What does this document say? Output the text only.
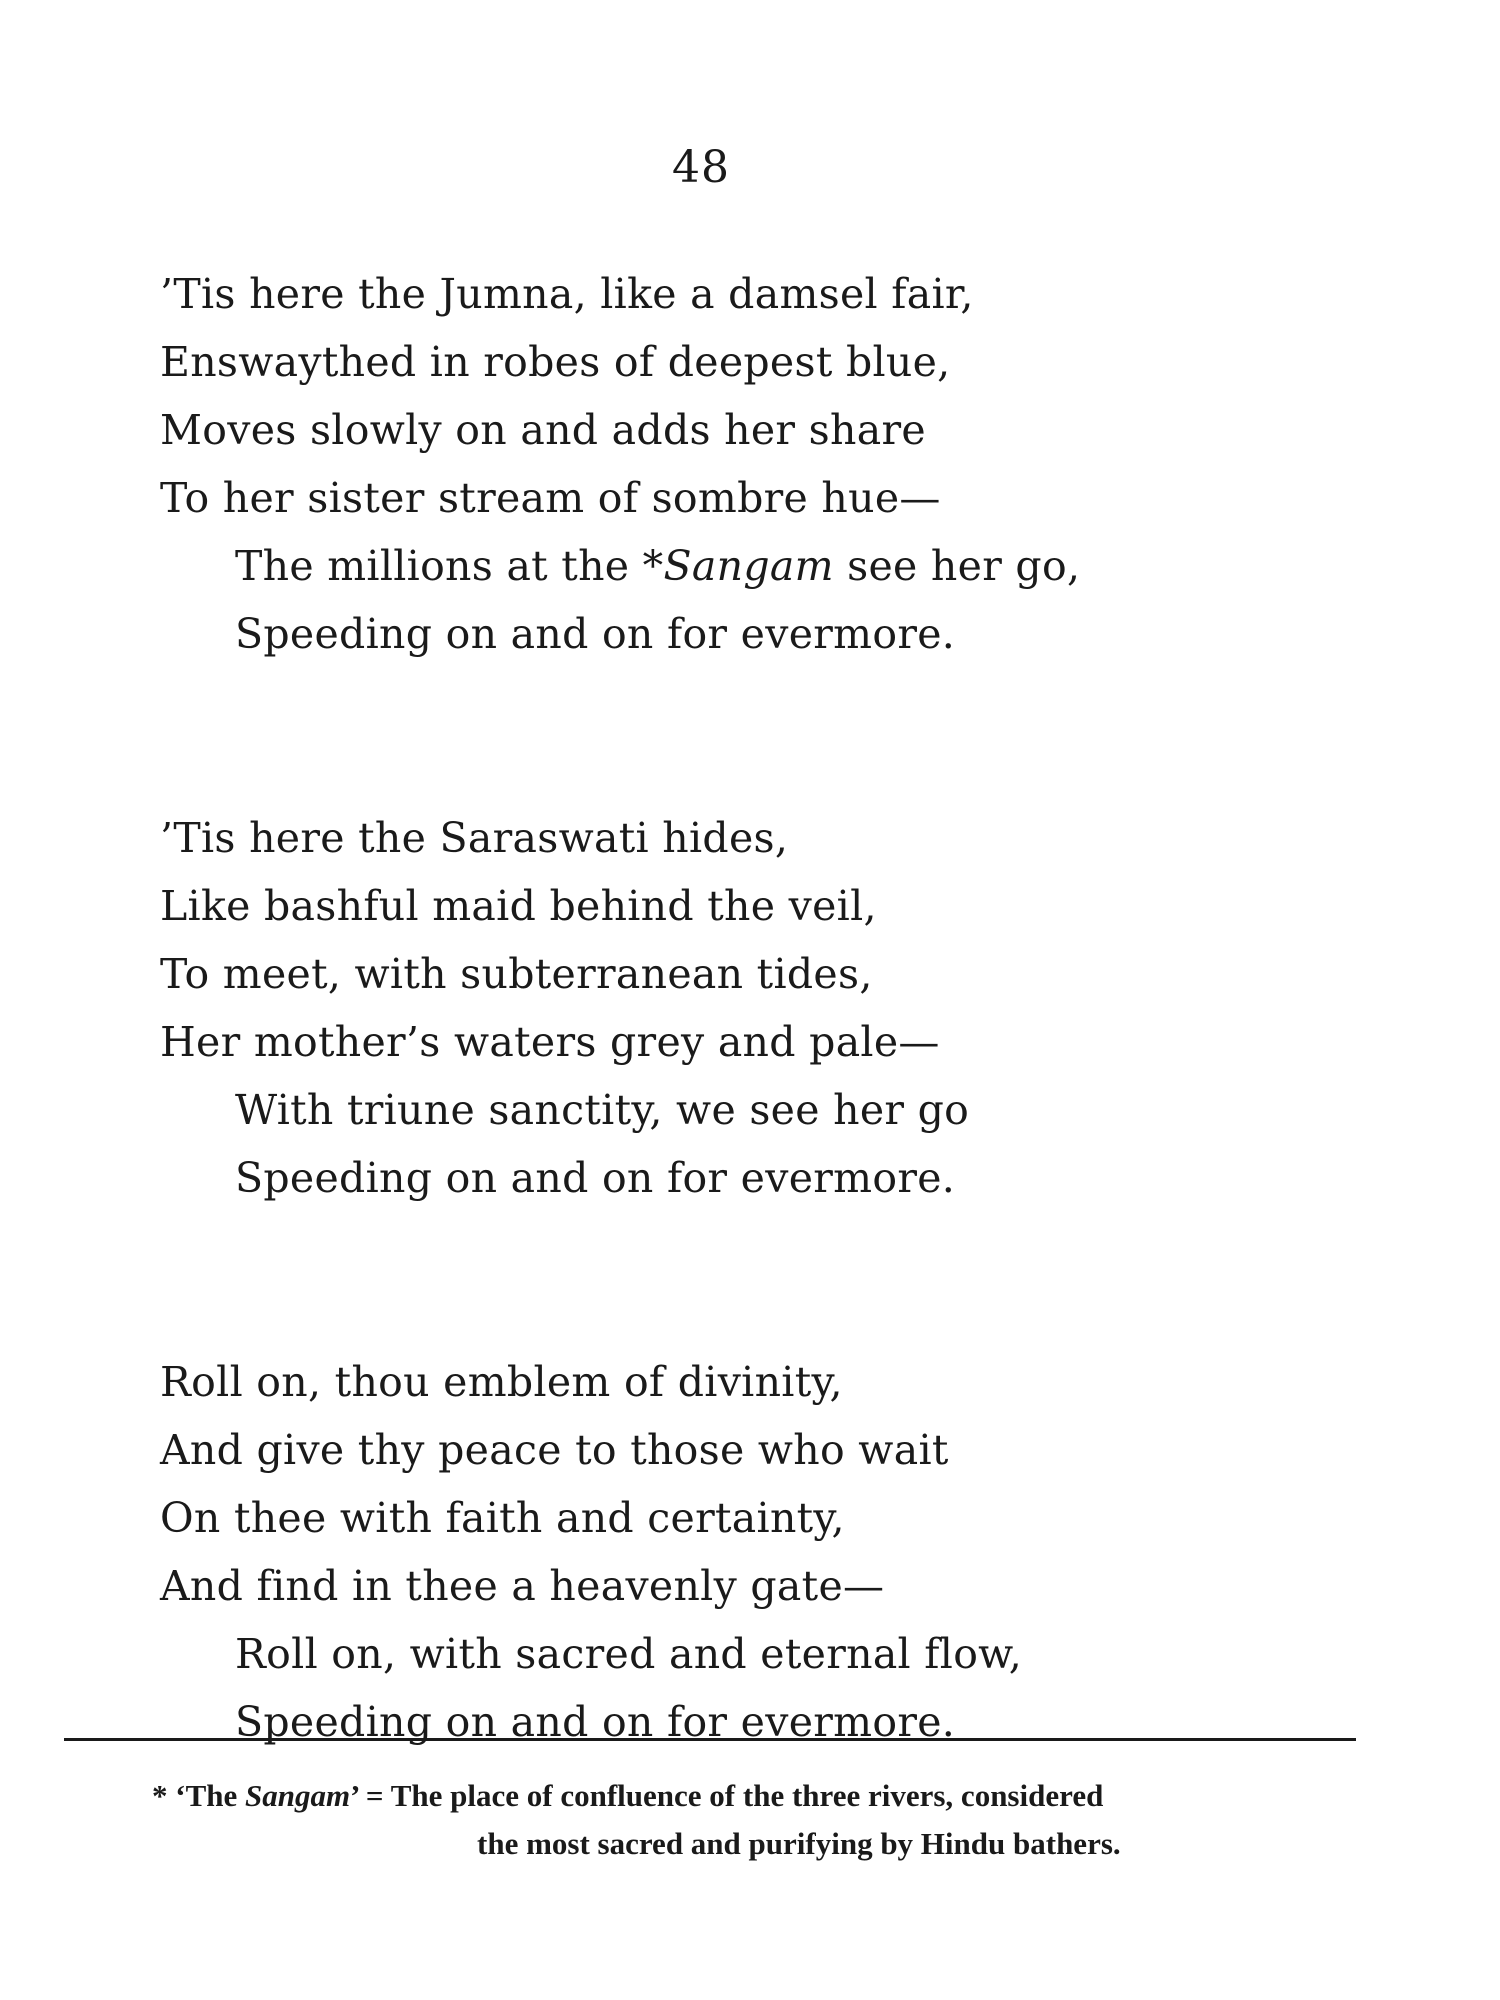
48
’Tis here the Jumna, like a damsel fair,
Enswaythed in robes of deepest blue,
Moves slowly on and adds her share
To her sister stream of sombre hue—
The millions at the *Sangam see her go,
Speeding on and on for evermore.
’Tis here the Saraswati hides,
Like bashful maid behind the veil,
To meet, with subterranean tides,
Her mother’s waters grey and pale—
With triune sanctity, we see her go
Speeding on and on for evermore.
Roll on, thou emblem of divinity,
And give thy peace to those who wait
On thee with faith and certainty,
And find in thee a heavenly gate—
Roll on, with sacred and eternal flow,
Speeding on and on for evermore.
* ‘The Sangam’ = The place of confluence of the three rivers, considered
the most sacred and purifying by Hindu bathers.
